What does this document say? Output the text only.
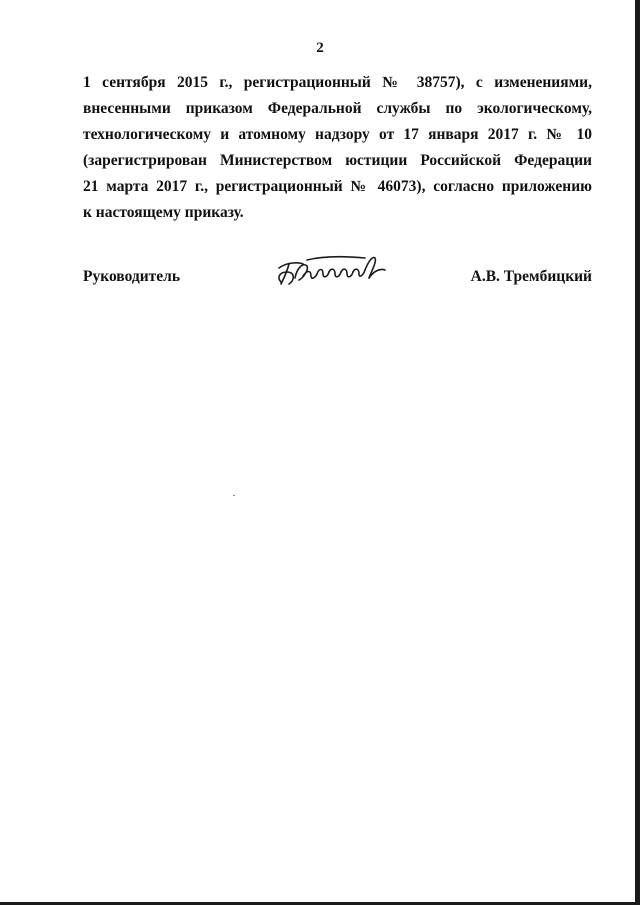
2
1 сентября 2015 г., регистрационный № 38757), с изменениями,
внесенными приказом Федеральной службы по экологическому,
технологическому и атомному надзору от 17 января 2017 г. № 10
(зарегистрирован Министерством юстиции Российской Федерации
21 марта 2017 г., регистрационный № 46073), согласно приложению
к настоящему приказу.
Руководитель	А.В. Трембицкий
